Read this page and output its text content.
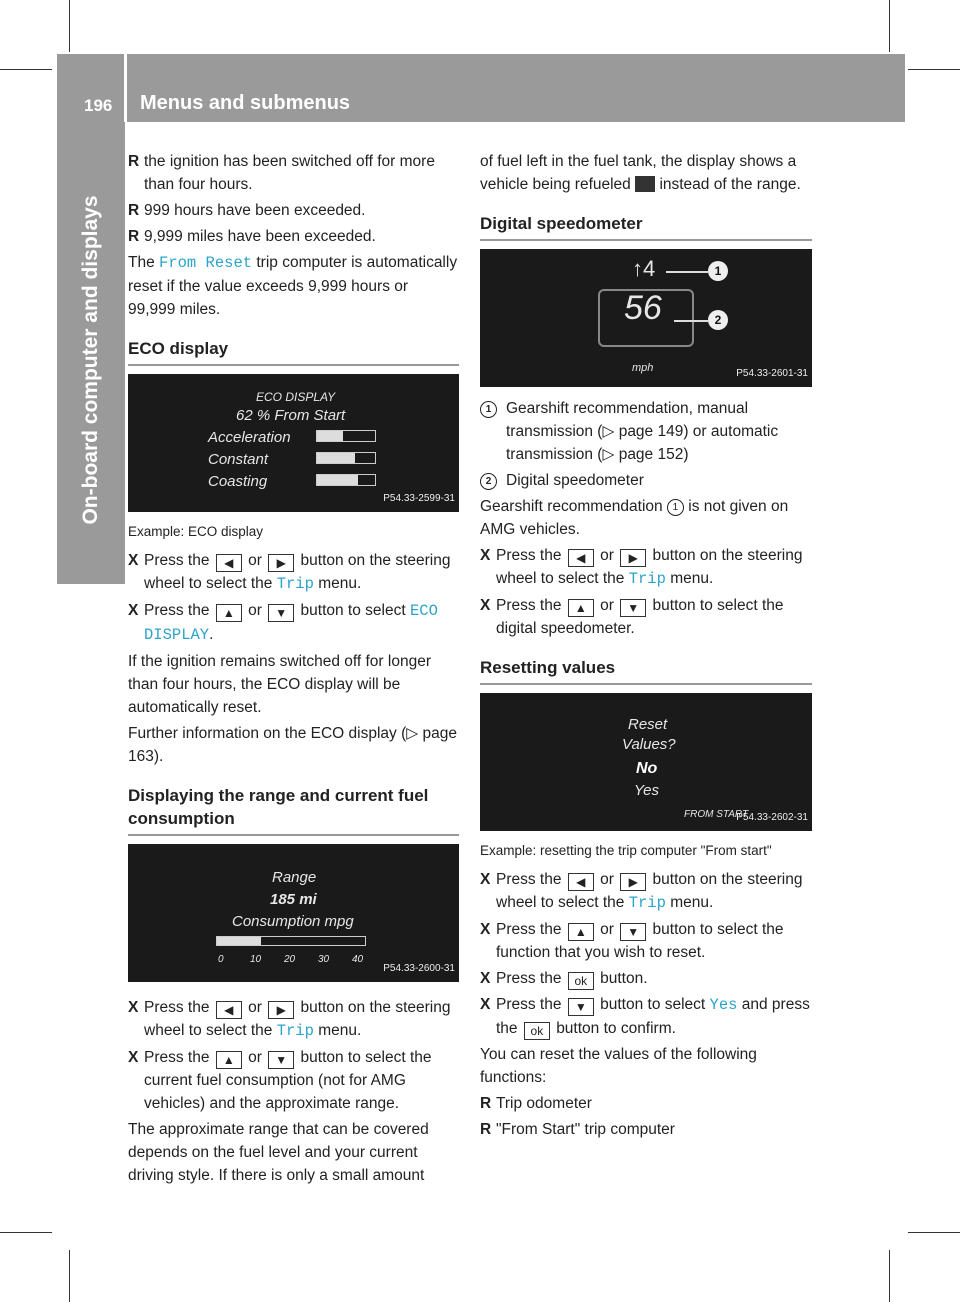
196 Menus and submenus
On-board computer and displays
R the ignition has been switched off for more than four hours.
R 999 hours have been exceeded.
R 9,999 miles have been exceeded.

The From Reset trip computer is automatically reset if the value exceeds 9,999 hours or 99,999 miles.

ECO display
ECO DISPLAY
62 % From Start
Acceleration
Constant
Coasting
P54.33-2599-31
Example: ECO display
X Press the ◀ or ▶ button on the steering wheel to select the Trip menu.
X Press the ▲ or ▼ button to select ECO DISPLAY.

If the ignition remains switched off for longer than four hours, the ECO display will be automatically reset.

Further information on the ECO display (▷ page 163).

Displaying the range and current fuel consumption
Range
185 mi
Consumption mpg
0	10 20 30 40
P54.33-2600-31
X Press the ◀ or ▶ button on the steering wheel to select the Trip menu.
X Press the ▲ or ▼ button to select the current fuel consumption (not for AMG vehicles) and the approximate range.

The approximate range that can be covered depends on the fuel level and your current driving style. If there is only a small amount

of fuel left in the fuel tank, the display shows a vehicle being refueled instead of the range.

Digital speedometer
↑4
56
mph
1
2
P54.33-2601-31
1 Gearshift recommendation, manual transmission (▷ page 149) or automatic transmission (▷ page 152)
2 Digital speedometer

Gearshift recommendation 1 is not given on AMG vehicles.

X Press the ◀ or ▶ button on the steering wheel to select the Trip menu.
X Press the ▲ or ▼ button to select the digital speedometer.
Resetting values
Reset
Values?
No
Yes
FROM START
P54.33-2602-31
Example: resetting the trip computer "From start"
X Press the ◀ or ▶ button on the steering wheel to select the Trip menu.
X Press the ▲ or ▼ button to select the function that you wish to reset.
X Press the ok button.
X Press the ▼ button to select Yes and press the ok button to confirm.

You can reset the values of the following functions:

R Trip odometer
R "From Start" trip computer
